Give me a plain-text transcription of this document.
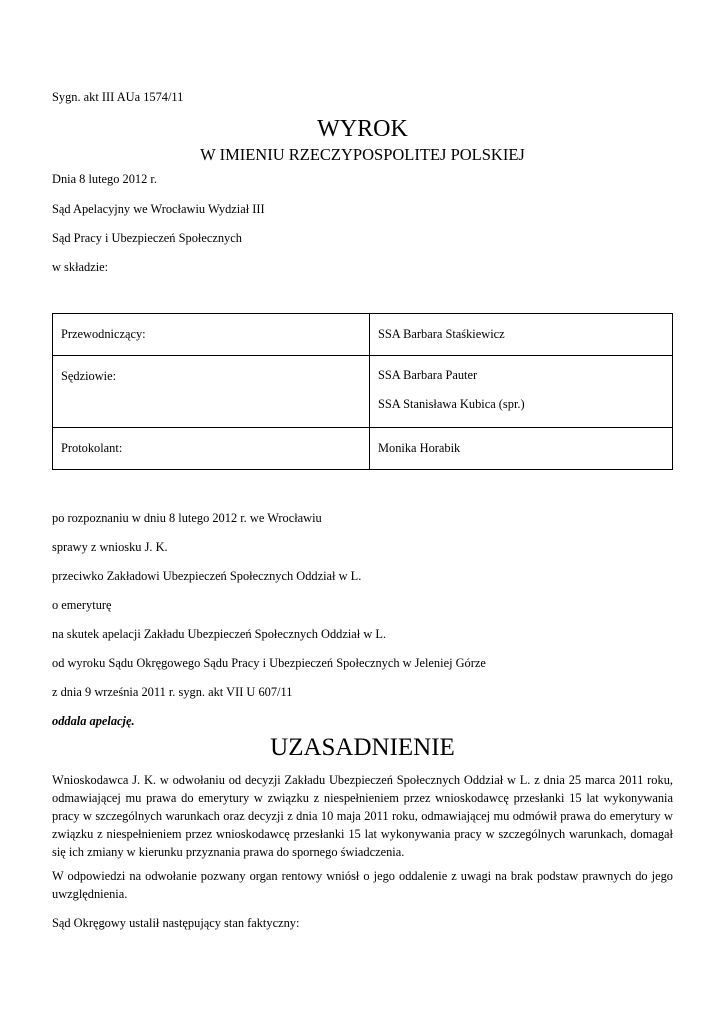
Sygn. akt III AUa 1574/11
WYROK
W IMIENIU RZECZYPOSPOLITEJ POLSKIEJ
Dnia 8 lutego 2012 r.
Sąd Apelacyjny we Wrocławiu Wydział III
Sąd Pracy i Ubezpieczeń Społecznych
w składzie:
Przewodniczący:	SSA Barbara Staśkiewicz
Sędziowie:	SSA Barbara Pauter
SSA Stanisława Kubica (spr.)

Protokolant:	Monika Horabik
po rozpoznaniu w dniu 8 lutego 2012 r. we Wrocławiu
sprawy z wniosku J. K.
przeciwko Zakładowi Ubezpieczeń Społecznych Oddział w L.
o emeryturę
na skutek apelacji Zakładu Ubezpieczeń Społecznych Oddział w L.
od wyroku Sądu Okręgowego Sądu Pracy i Ubezpieczeń Społecznych w Jeleniej Górze
z dnia 9 września 2011 r. sygn. akt VII U 607/11
oddala apelację.
UZASADNIENIE
Wnioskodawca J. K. w odwołaniu od decyzji Zakładu Ubezpieczeń Społecznych Oddział w L. z dnia 25 marca 2011 roku, odmawiającej mu prawa do emerytury w związku z niespełnieniem przez wnioskodawcę przesłanki 15 lat wykonywania pracy w szczególnych warunkach oraz decyzji z dnia 10 maja 2011 roku, odmawiającej mu odmówił prawa do emerytury w związku z niespełnieniem przez wnioskodawcę przesłanki 15 lat wykonywania pracy w szczególnych warunkach, domagał się ich zmiany w kierunku przyznania prawa do spornego świadczenia.
W odpowiedzi na odwołanie pozwany organ rentowy wniósł o jego oddalenie z uwagi na brak podstaw prawnych do jego uwzględnienia.
Sąd Okręgowy ustalił następujący stan faktyczny:
